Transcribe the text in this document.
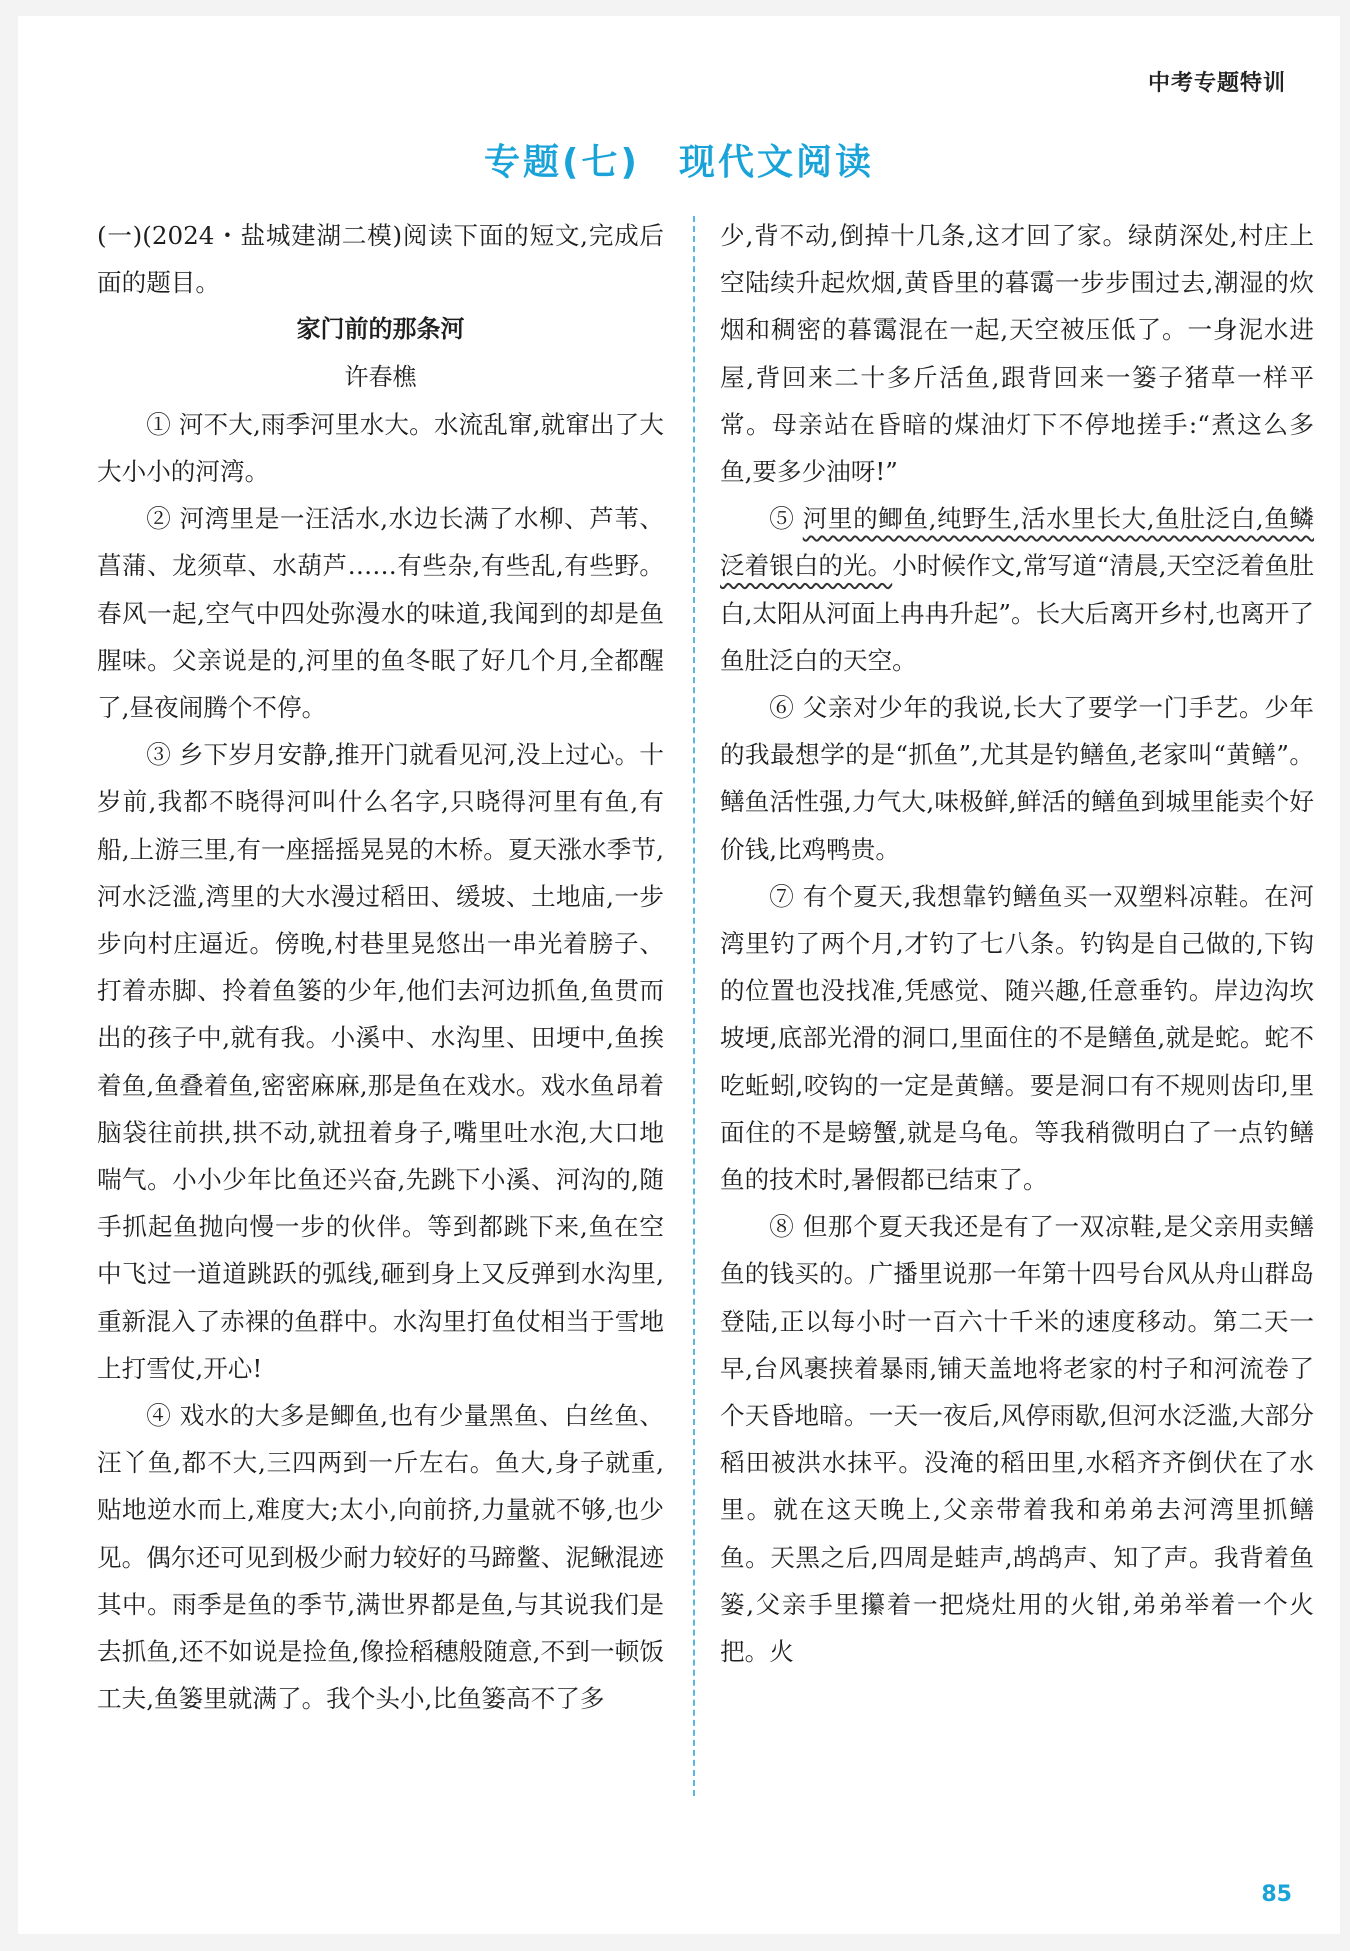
中考专题特训
专题(七)　现代文阅读

(一)(2024・盐城建湖二模)阅读下面的短文,完成后面的题目。

家门前的那条河

许春樵

① 河不大,雨季河里水大。水流乱窜,就窜出了大大小小的河湾。

② 河湾里是一汪活水,水边长满了水柳、芦苇、菖蒲、龙须草、水葫芦……有些杂,有些乱,有些野。春风一起,空气中四处弥漫水的味道,我闻到的却是鱼腥味。父亲说是的,河里的鱼冬眠了好几个月,全都醒了,昼夜闹腾个不停。

③ 乡下岁月安静,推开门就看见河,没上过心。十岁前,我都不晓得河叫什么名字,只晓得河里有鱼,有船,上游三里,有一座摇摇晃晃的木桥。夏天涨水季节,河水泛滥,湾里的大水漫过稻田、缓坡、土地庙,一步步向村庄逼近。傍晚,村巷里晃悠出一串光着膀子、打着赤脚、拎着鱼篓的少年,他们去河边抓鱼,鱼贯而出的孩子中,就有我。小溪中、水沟里、田埂中,鱼挨着鱼,鱼叠着鱼,密密麻麻,那是鱼在戏水。戏水鱼昂着脑袋往前拱,拱不动,就扭着身子,嘴里吐水泡,大口地喘气。小小少年比鱼还兴奋,先跳下小溪、河沟的,随手抓起鱼抛向慢一步的伙伴。等到都跳下来,鱼在空中飞过一道道跳跃的弧线,砸到身上又反弹到水沟里,重新混入了赤裸的鱼群中。水沟里打鱼仗相当于雪地上打雪仗,开心!

④ 戏水的大多是鲫鱼,也有少量黑鱼、白丝鱼、汪丫鱼,都不大,三四两到一斤左右。鱼大,身子就重,贴地逆水而上,难度大;太小,向前挤,力量就不够,也少见。偶尔还可见到极少耐力较好的马蹄鳖、泥鳅混迹其中。雨季是鱼的季节,满世界都是鱼,与其说我们是去抓鱼,还不如说是捡鱼,像捡稻穗般随意,不到一顿饭工夫,鱼篓里就满了。我个头小,比鱼篓高不了多

少,背不动,倒掉十几条,这才回了家。绿荫深处,村庄上空陆续升起炊烟,黄昏里的暮霭一步步围过去,潮湿的炊烟和稠密的暮霭混在一起,天空被压低了。一身泥水进屋,背回来二十多斤活鱼,跟背回来一篓子猪草一样平常。母亲站在昏暗的煤油灯下不停地搓手:“煮这么多鱼,要多少油呀!”

⑤ 河里的鲫鱼,纯野生,活水里长大,鱼肚泛白,鱼鳞泛着银白的光。小时候作文,常写道“清晨,天空泛着鱼肚白,太阳从河面上冉冉升起”。长大后离开乡村,也离开了鱼肚泛白的天空。

⑥ 父亲对少年的我说,长大了要学一门手艺。少年的我最想学的是“抓鱼”,尤其是钓鳝鱼,老家叫“黄鳝”。鳝鱼活性强,力气大,味极鲜,鲜活的鳝鱼到城里能卖个好价钱,比鸡鸭贵。

⑦ 有个夏天,我想靠钓鳝鱼买一双塑料凉鞋。在河湾里钓了两个月,才钓了七八条。钓钩是自己做的,下钩的位置也没找准,凭感觉、随兴趣,任意垂钓。岸边沟坎坡埂,底部光滑的洞口,里面住的不是鳝鱼,就是蛇。蛇不吃蚯蚓,咬钩的一定是黄鳝。要是洞口有不规则齿印,里面住的不是螃蟹,就是乌龟。等我稍微明白了一点钓鳝鱼的技术时,暑假都已结束了。

⑧ 但那个夏天我还是有了一双凉鞋,是父亲用卖鳝鱼的钱买的。广播里说那一年第十四号台风从舟山群岛登陆,正以每小时一百六十千米的速度移动。第二天一早,台风裹挟着暴雨,铺天盖地将老家的村子和河流卷了个天昏地暗。一天一夜后,风停雨歇,但河水泛滥,大部分稻田被洪水抹平。没淹的稻田里,水稻齐齐倒伏在了水里。就在这天晚上,父亲带着我和弟弟去河湾里抓鳝鱼。天黑之后,四周是蛙声,鸪鸪声、知了声。我背着鱼篓,父亲手里攥着一把烧灶用的火钳,弟弟举着一个火把。火

85
